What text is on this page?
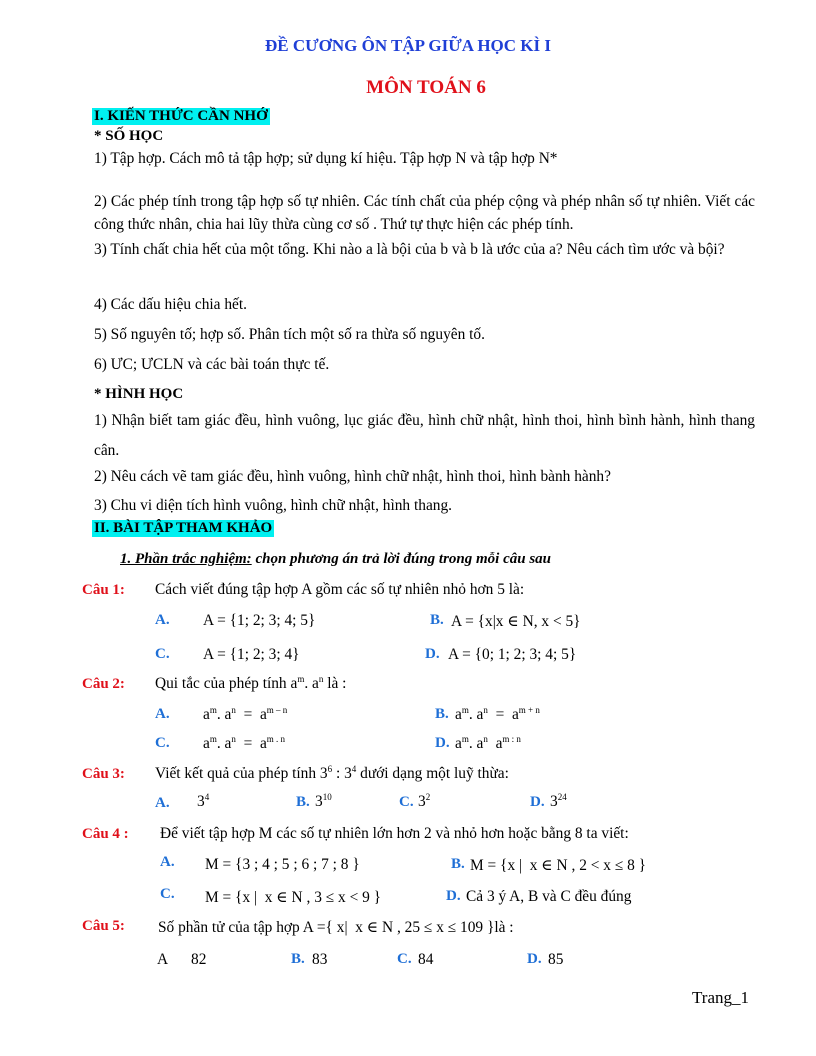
ĐỀ CƯƠNG ÔN TẬP GIỮA HỌC KÌ I
MÔN TOÁN 6
I. KIẾN THỨC CẦN NHỚ
* SỐ HỌC
1) Tập hợp. Cách mô tả tập hợp; sử dụng kí hiệu. Tập hợp N và tập hợp N*
2) Các phép tính trong tập hợp số tự nhiên. Các tính chất của phép cộng và phép nhân số tự nhiên. Viết các công thức nhân, chia hai lũy thừa cùng cơ số . Thứ tự thực hiện các phép tính.
3) Tính chất chia hết của một tổng. Khi nào a là bội của b và b là ước của a? Nêu cách tìm ước và bội?
4) Các dấu hiệu chia hết.
5) Số nguyên tố; hợp số. Phân tích một số ra thừa số nguyên tố.
6) ƯC; ƯCLN và các bài toán thực tế.
* HÌNH HỌC
1) Nhận biết tam giác đều, hình vuông, lục giác đều, hình chữ nhật, hình thoi, hình bình hành, hình thang cân.
2) Nêu cách vẽ tam giác đều, hình vuông, hình chữ nhật, hình thoi, hình bành hành?
3) Chu vi diện tích hình vuông, hình chữ nhật, hình thang.
II. BÀI TẬP THAM KHẢO
1. Phần trắc nghiệm: chọn phương án trả lời đúng trong mỗi câu sau
Câu 1: Cách viết đúng tập hợp A gồm các số tự nhiên nhỏ hơn 5 là:
A. A = {1; 2; 3; 4; 5}	B. A = {x|x ∈ N, x < 5}
C. A = {1; 2; 3; 4}	D. A = {0; 1; 2; 3; 4; 5}
Câu 2: Qui tắc của phép tính $a^m$. $a^n$ là :
A. $a^m$. $a^n = a^{m - n}$	B. $a^m$. $a^n = a^{m + n}$
C. $a^m$. $a^n = a^{m . n}$	D. $a^m$. $a^n$  $a^{m : n}$
Câu 3: Viết kết quả của phép tính $3^6$ : $3^4$ dưới dạng một luỹ thừa:
A. $3^4$	B. $3^{10}$	C. $3^2$	D. $3^{24}$
Câu 4 : Để viết tập hợp M các số tự nhiên lớn hơn 2 và nhỏ hơn hoặc bằng 8 ta viết:
A. M = {3 ; 4 ; 5 ; 6 ; 7 ; 8 }	B. M = {x |  x ∈ N , 2 < x ≤ 8 }
C. M = {x |  x ∈ N , 3 ≤ x < 9 }	D. Cả 3 ý A, B và C đều đúng
Câu 5: Số phần tử của tập hợp A ={ x|  x ∈ N , 25 ≤ x ≤ 109 }là :
A 82	B. 83	C. 84	D. 85
Trang_1
